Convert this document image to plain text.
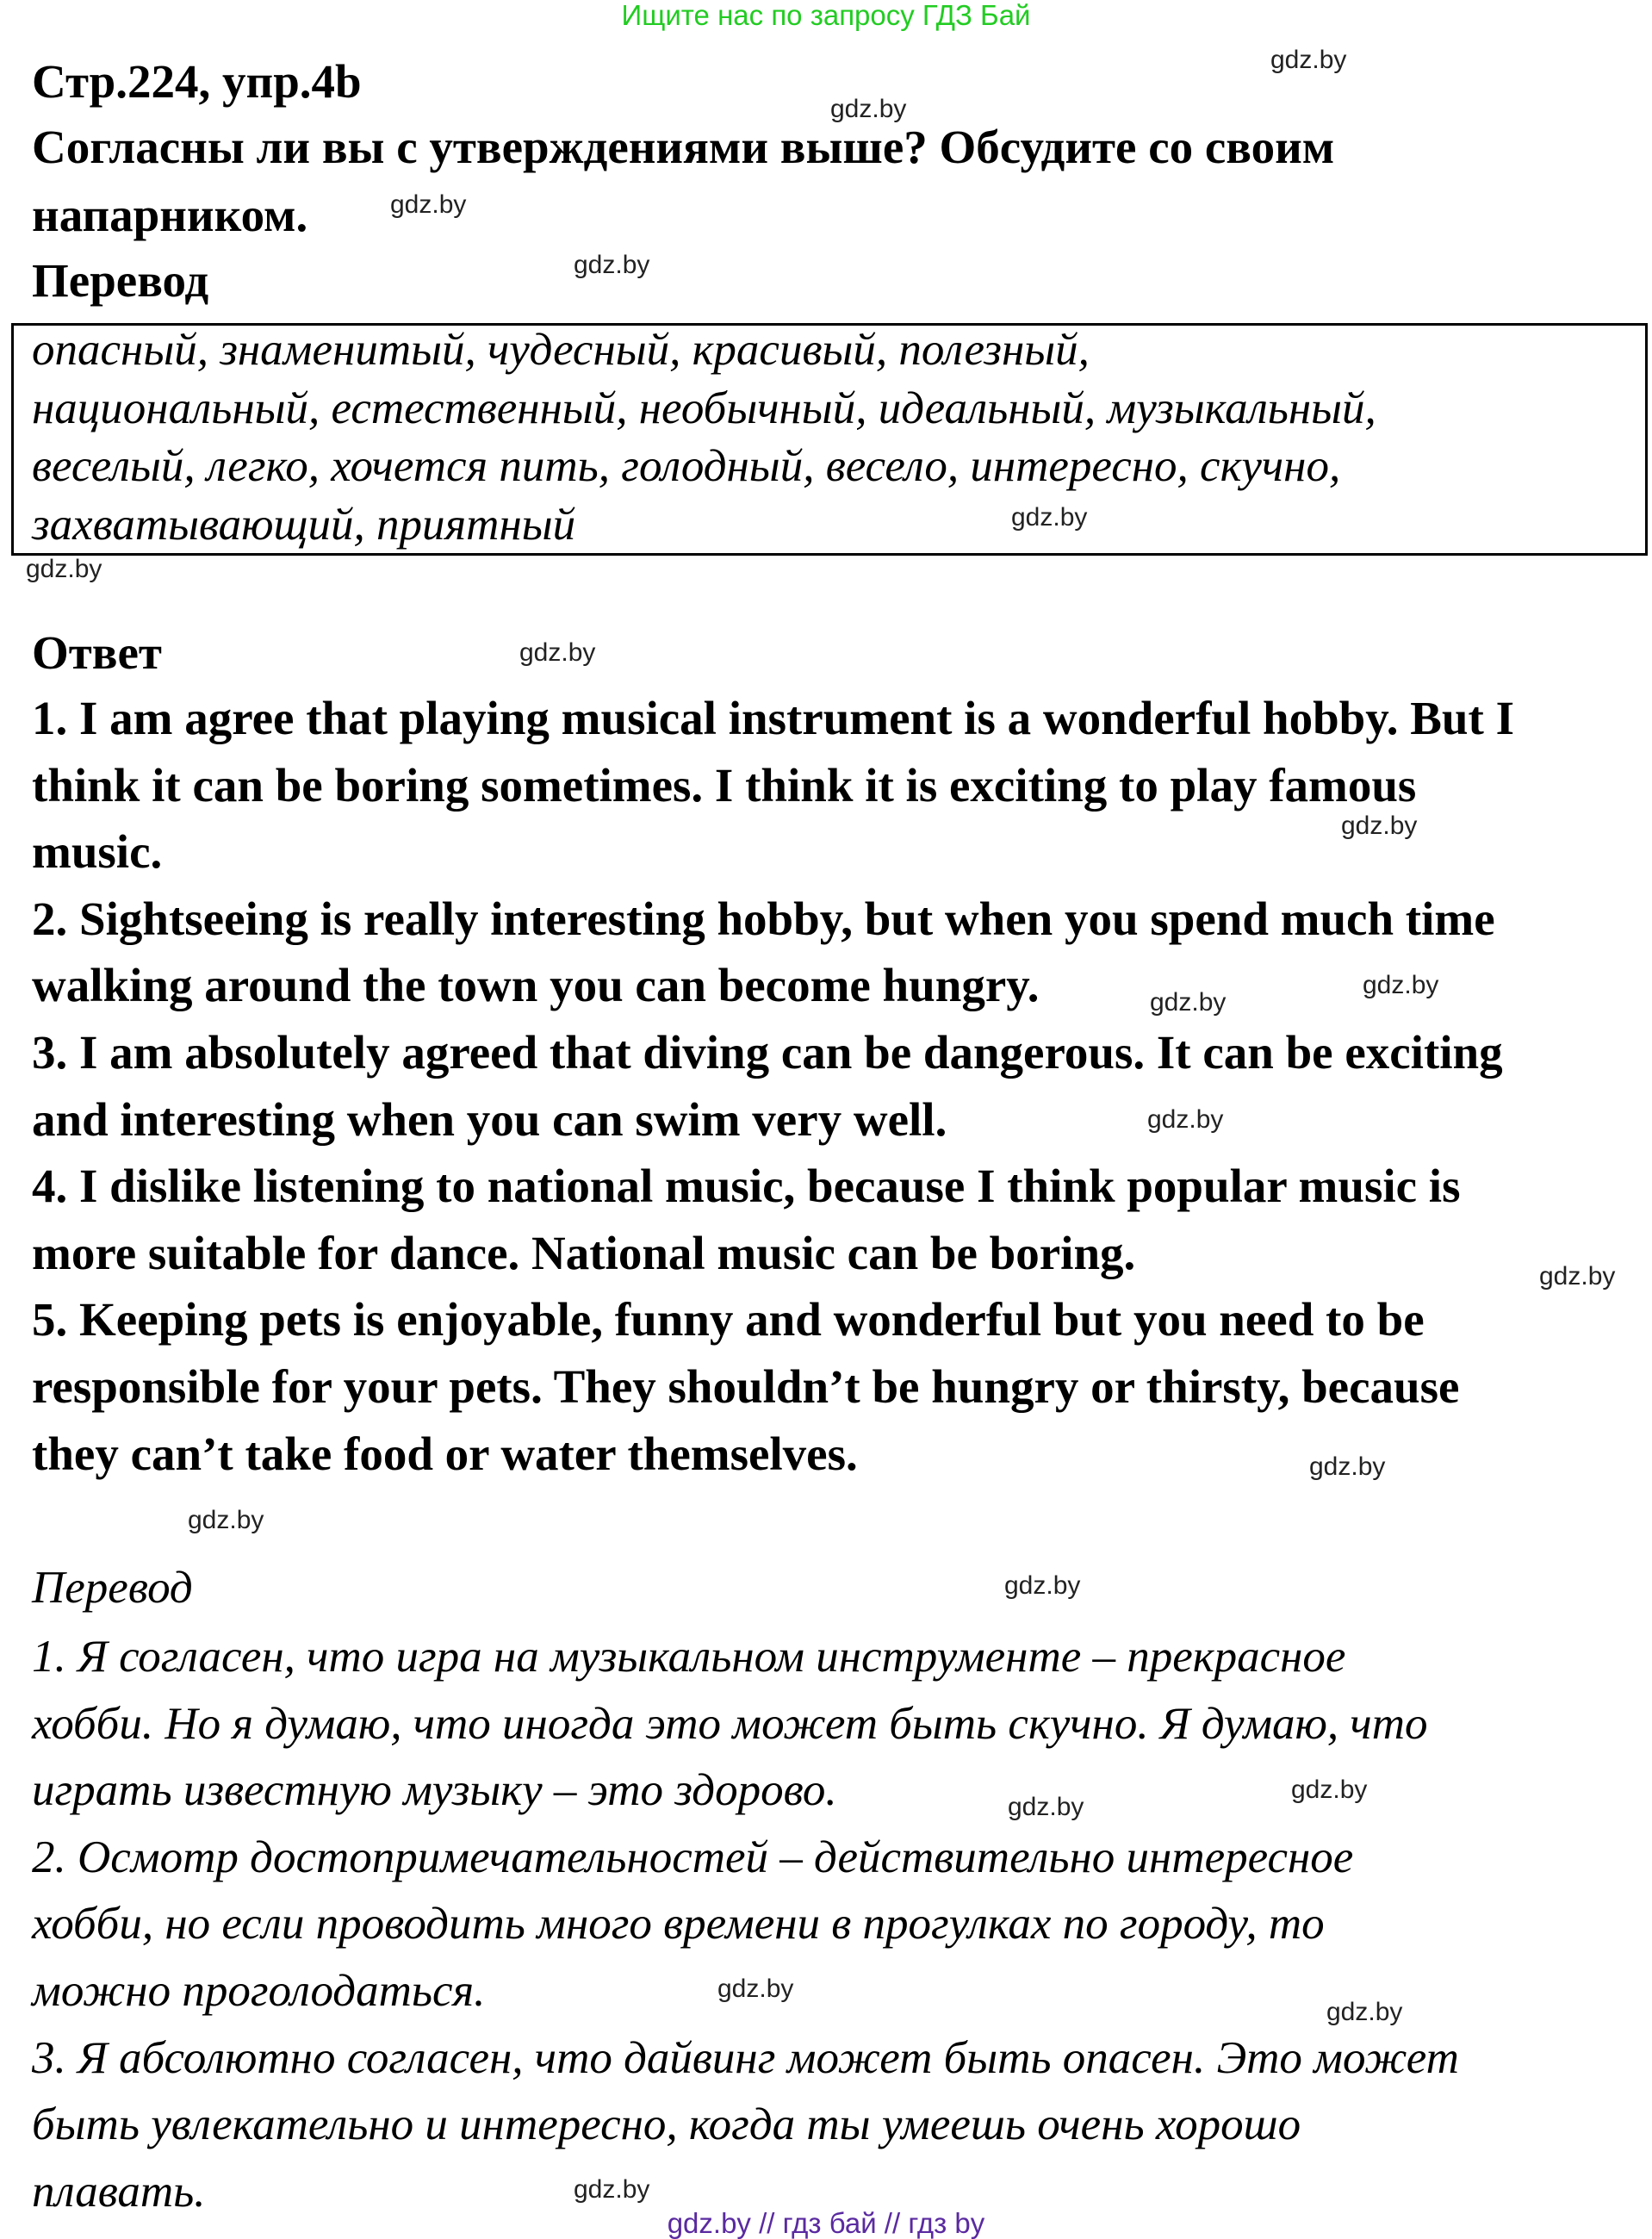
Ищите нас по запросу ГДЗ Бай
Стр.224, упр.4b
Согласны ли вы с утверждениями выше? Обсудите со своим
напарником.
Перевод
опасный, знаменитый, чудесный, красивый, полезный,
национальный, естественный, необычный, идеальный, музыкальный,
веселый, легко, хочется пить, голодный, весело, интересно, скучно,
захватывающий, приятный
Ответ
1. I am agree that playing musical instrument is a wonderful hobby. But I
think it can be boring sometimes. I think it is exciting to play famous
music.
2. Sightseeing is really interesting hobby, but when you spend much time
walking around the town you can become hungry.
3. I am absolutely agreed that diving can be dangerous. It can be exciting
and interesting when you can swim very well.
4. I dislike listening to national music, because I think popular music is
more suitable for dance. National music can be boring.
5. Keeping pets is enjoyable, funny and wonderful but you need to be
responsible for your pets. They shouldn’t be hungry or thirsty, because
they can’t take food or water themselves.
Перевод
1. Я согласен, что игра на музыкальном инструменте – прекрасное
хобби. Но я думаю, что иногда это может быть скучно. Я думаю, что
играть известную музыку – это здорово.
2. Осмотр достопримечательностей – действительно интересное
хобби, но если проводить много времени в прогулках по городу, то
можно проголодаться.
3. Я абсолютно согласен, что дайвинг может быть опасен. Это может
быть увлекательно и интересно, когда ты умеешь очень хорошо
плавать.
gdz.by
gdz.by
gdz.by
gdz.by
gdz.by
gdz.by
gdz.by
gdz.by
gdz.by
gdz.by
gdz.by
gdz.by
gdz.by
gdz.by
gdz.by
gdz.by
gdz.by
gdz.by
gdz.by
gdz.by
gdz.by // гдз бай // гдз by
